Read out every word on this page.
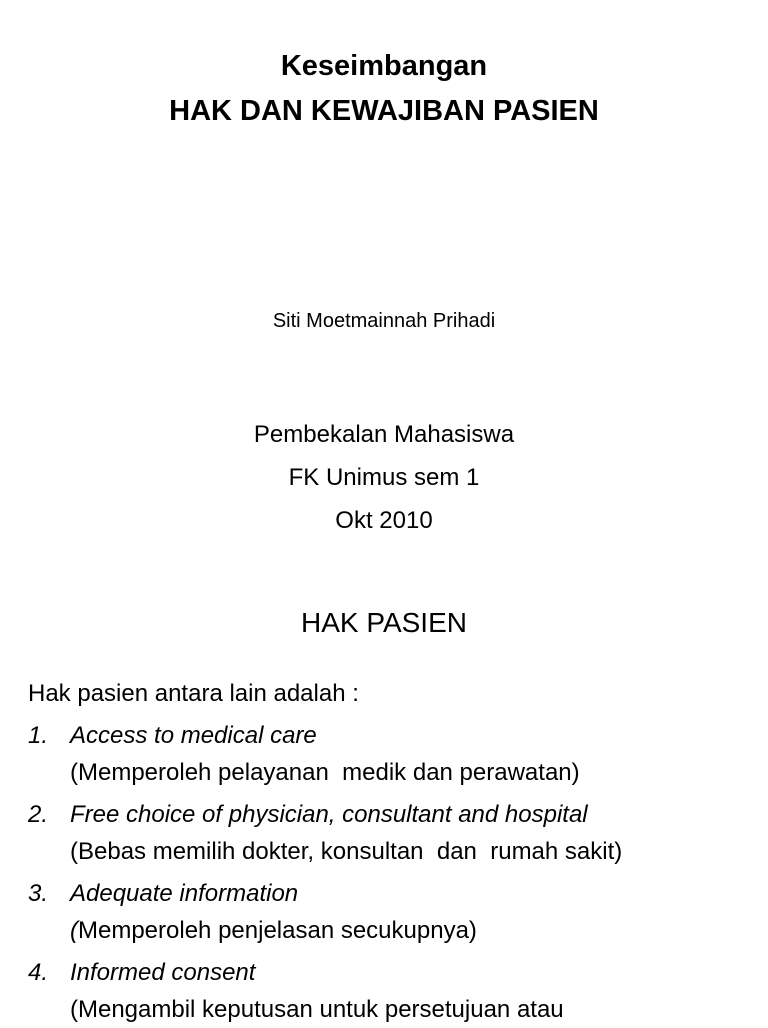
Keseimbangan
HAK DAN KEWAJIBAN PASIEN
Siti Moetmainnah Prihadi
Pembekalan Mahasiswa
FK Unimus sem 1
Okt 2010
HAK PASIEN
Hak pasien antara lain adalah :
1. Access to medical care
(Memperoleh pelayanan  medik dan perawatan)
2. Free choice of physician, consultant and hospital
(Bebas memilih dokter, konsultan  dan  rumah sakit)
3. Adequate information
(Memperoleh penjelasan secukupnya)
4. Informed consent
(Mengambil keputusan untuk persetujuan atau
